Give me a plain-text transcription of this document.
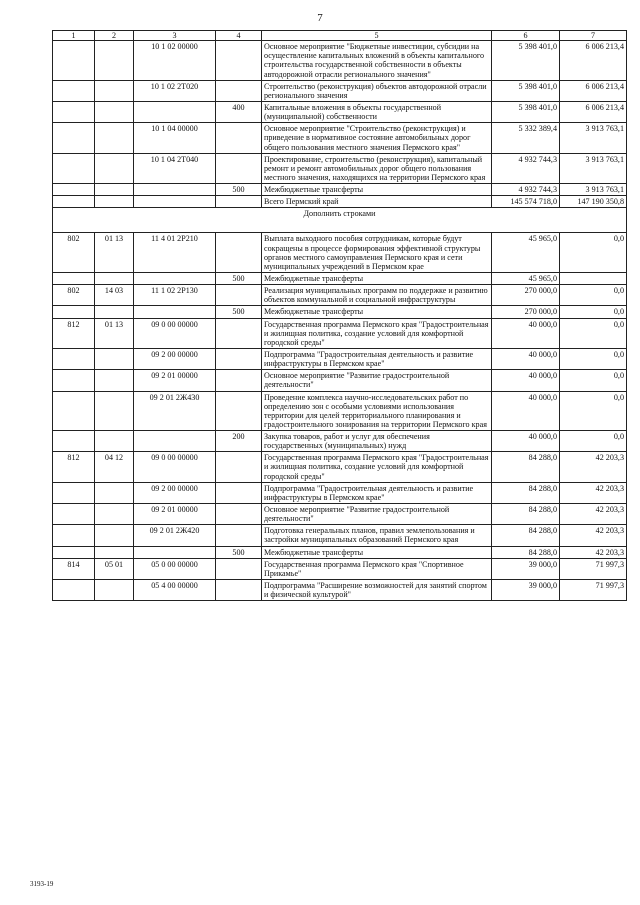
7
1	2	3	4	5	6	7
		10 1 02 00000		Основное мероприятие "Бюджетные инвестиции, субсидии на осуществление капитальных вложений в объекты капитального строительства государственной собственности в объекты автодорожной отрасли регионального значения"	5 398 401,0	6 006 213,4
		10 1 02 2Т020		Строительство (реконструкция) объектов автодорожной отрасли регионального значения	5 398 401,0	6 006 213,4
			400	Капитальные вложения в объекты государственной (муниципальной) собственности	5 398 401,0	6 006 213,4
		10 1 04 00000		Основное мероприятие "Строительство (реконструкция) и приведение в нормативное состояние автомобильных дорог общего пользования местного значения Пермского края"	5 332 389,4	3 913 763,1
		10 1 04 2Т040		Проектирование, строительство (реконструкция), капитальный ремонт и ремонт автомобильных дорог общего пользования местного значения, находящихся на территории Пермского края	4 932 744,3	3 913 763,1
			500	Межбюджетные трансферты	4 932 744,3	3 913 763,1
				Всего Пермский край	145 574 718,0	147 190 350,8
Дополнить строками						
802	01 13	11 4 01 2Р210		Выплата выходного пособия сотрудникам, которые будут сокращены в процессе формирования эффективной структуры органов местного самоуправления Пермского края и сети муниципальных учреждений в Пермском крае	45 965,0	0,0
			500	Межбюджетные трансферты	45 965,0	
802	14 03	11 1 02 2Р130		Реализация муниципальных программ по поддержке и развитию объектов коммунальной и социальной инфраструктуры	270 000,0	0,0
			500	Межбюджетные трансферты	270 000,0	0,0
812	01 13	09 0 00 00000		Государственная программа Пермского края "Градостроительная и жилищная политика, создание условий для комфортной городской среды"	40 000,0	0,0
		09 2 00 00000		Подпрограмма "Градостроительная деятельность и развитие инфраструктуры в Пермском крае"	40 000,0	0,0
		09 2 01 00000		Основное мероприятие "Развитие градостроительной деятельности"	40 000,0	0,0
		09 2 01 2Ж430		Проведение комплекса научно-исследовательских работ по определению зон с особыми условиями использования территории для целей территориального планирования и градостроительного зонирования на территории Пермского края	40 000,0	0,0
			200	Закупка товаров, работ и услуг для обеспечения государственных (муниципальных) нужд	40 000,0	0,0
812	04 12	09 0 00 00000		Государственная программа Пермского края "Градостроительная и жилищная политика, создание условий для комфортной городской среды"	84 288,0	42 203,3
		09 2 00 00000		Подпрограмма "Градостроительная деятельность и развитие инфраструктуры в Пермском крае"	84 288,0	42 203,3
		09 2 01 00000		Основное мероприятие "Развитие градостроительной деятельности"	84 288,0	42 203,3
		09 2 01 2Ж420		Подготовка генеральных планов, правил землепользования и застройки муниципальных образований Пермского края	84 288,0	42 203,3
			500	Межбюджетные трансферты	84 288,0	42 203,3
814	05 01	05 0 00 00000		Государственная программа Пермского края "Спортивное Прикамье"	39 000,0	71 997,3
		05 4 00 00000		Подпрограмма "Расширение возможностей для занятий спортом и физической культурой"	39 000,0	71 997,3
3193-19
